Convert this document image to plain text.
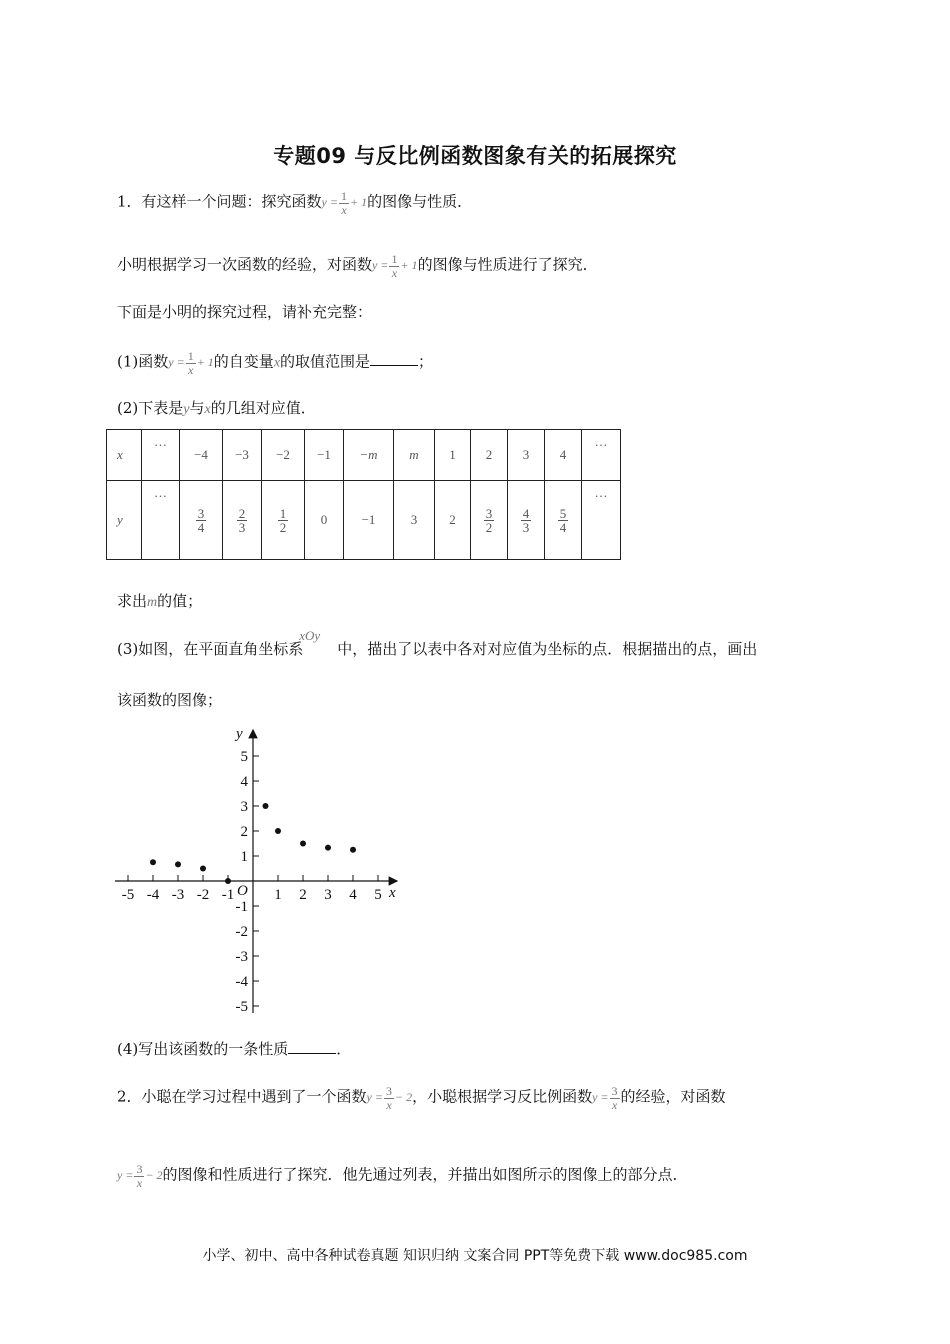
专题09 与反比例函数图象有关的拓展探究
1．有这样一个问题：探究函数$y = \frac{1}{x} + 1$的图像与性质．
小明根据学习一次函数的经验，对函数$y = \frac{1}{x} + 1$的图像与性质进行了探究．
下面是小明的探究过程，请补充完整：
(1)函数$y = \frac{1}{x} + 1$的自变量x的取值范围是	；
(2)下表是y与x的几组对应值．
x	…	−4	−3	−2	−1	−m	m	1	2	3	4	…
y	…	$\frac{3}{4}$	$\frac{2}{3}$	$\frac{1}{2}$	0	−1	3	2	$\frac{3}{2}$	$\frac{4}{3}$	$\frac{5}{4}$	…
求出m的值；
(3)如图，在平面直角坐标系xOy中，描出了以表中各对对应值为坐标的点．根据描出的点，画出
该函数的图像；
-5 -4 -3 -2 -1	1 2 3 4 5
5
4
3
2
1
-1
-2
-3
-4
-5
x
y
O
(4)写出该函数的一条性质	．
2．小聪在学习过程中遇到了一个函数$y = \frac{3}{x} - 2$，小聪根据学习反比例函数$y = \frac{3}{x}$ 的经验，对函数
$y = \frac{3}{x} - 2$的图像和性质进行了探究．他先通过列表，并描出如图所示的图像上的部分点．
小学、初中、高中各种试卷真题 知识归纳 文案合同 PPT等免费下载 www.doc985.com
